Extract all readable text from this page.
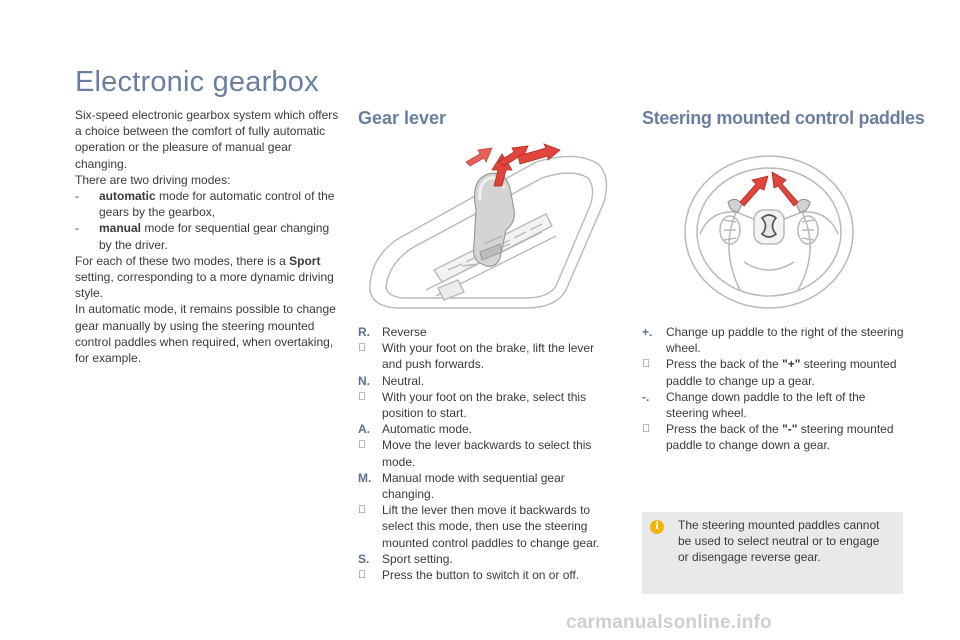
Electronic gearbox

Six-speed electronic gearbox system which offers a choice between the comfort of fully automatic operation or the pleasure of manual gear changing.

There are two driving modes:

- automatic mode for automatic control of the gears by the gearbox,

- manual mode for sequential gear changing by the driver.

For each of these two modes, there is a Sport setting, corresponding to a more dynamic driving style.

In automatic mode, it remains possible to change gear manually by using the steering mounted control paddles when required, when overtaking, for example.

Gear lever	Steering mounted control paddles
R.	Reverse
With your foot on the brake, lift the lever and push forwards.
N.	Neutral.
With your foot on the brake, select this position to start.
A.	Automatic mode.
Move the lever backwards to select this mode.
M. Manual mode with sequential gear changing.
Lift the lever then move it backwards to select this mode, then use the steering mounted control paddles to change gear.
S.	Sport setting.
Press the button to switch it on or off.
+.	Change up paddle to the right of the steering wheel.
Press the back of the "+" steering mounted paddle to change up a gear.
-.	Change down paddle to the left of the steering wheel.
Press the back of the "-" steering mounted paddle to change down a gear.
i	The steering mounted paddles cannot be used to select neutral or to engage or disengage reverse gear.
carmanualsonline.info
